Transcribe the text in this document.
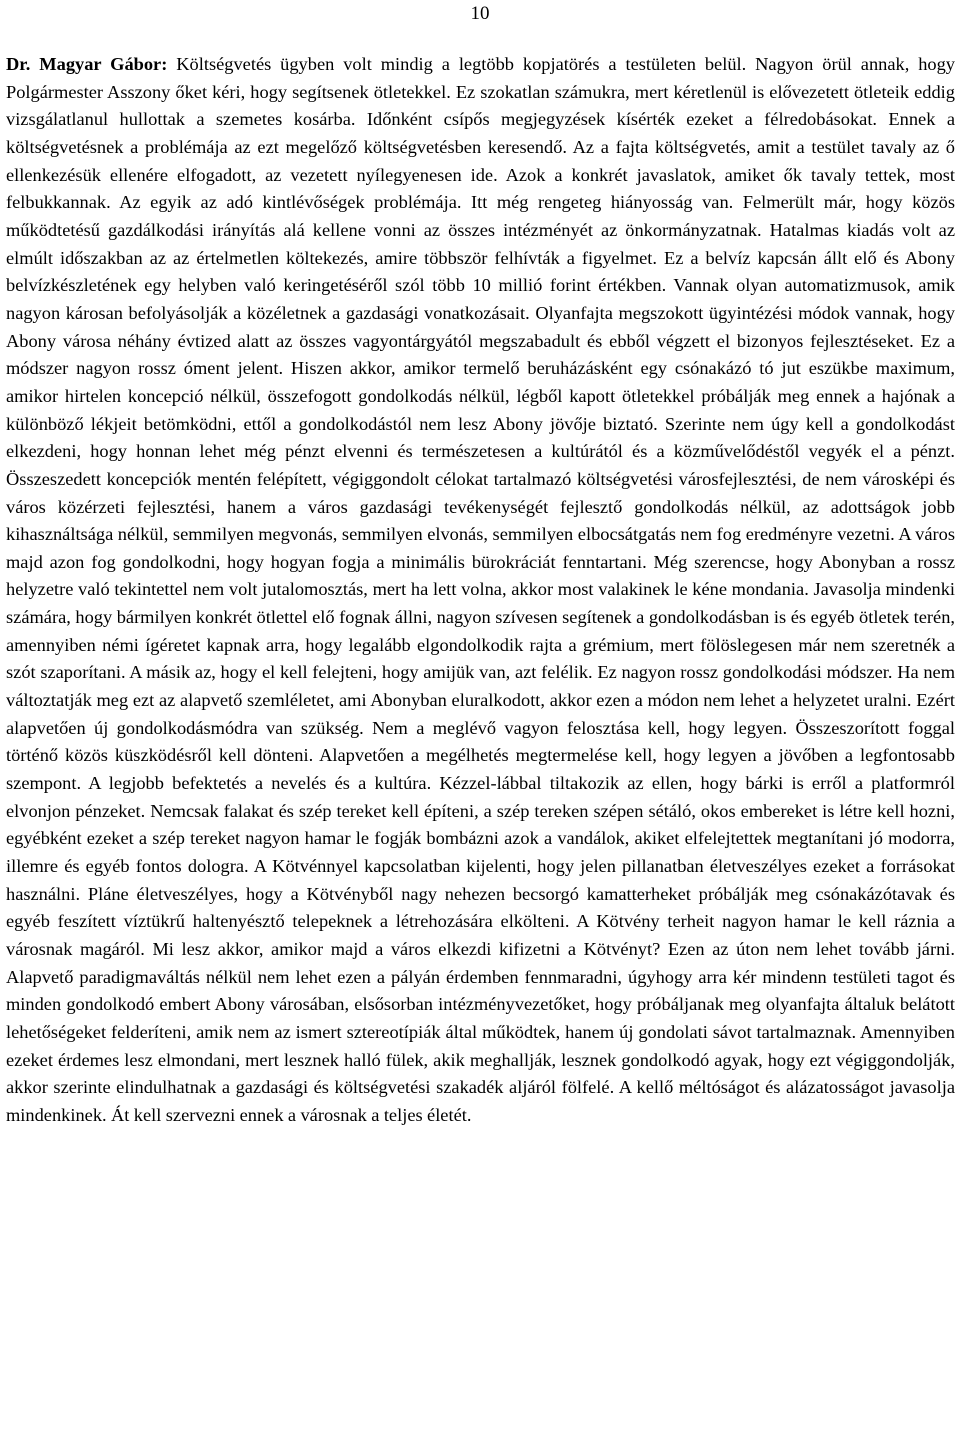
10

Dr. Magyar Gábor: Költségvetés ügyben volt mindig a legtöbb kopjatörés a testületen belül. Nagyon örül annak, hogy Polgármester Asszony őket kéri, hogy segítsenek ötletekkel. Ez szokatlan számukra, mert kéretlenül is elővezetett ötleteik eddig vizsgálatlanul hullottak a szemetes kosárba. Időnként csípős megjegyzések kísérték ezeket a félredobásokat. Ennek a költségvetésnek a problémája az ezt megelőző költségvetésben keresendő. Az a fajta költségvetés, amit a testület tavaly az ő ellenkezésük ellenére elfogadott, az vezetett nyílegyenesen ide. Azok a konkrét javaslatok, amiket ők tavaly tettek, most felbukkannak. Az egyik az adó kintlévőségek problémája. Itt még rengeteg hiányosság van. Felmerült már, hogy közös működtetésű gazdálkodási irányítás alá kellene vonni az összes intézményét az önkormányzatnak. Hatalmas kiadás volt az elmúlt időszakban az az értelmetlen költekezés, amire többször felhívták a figyelmet. Ez a belvíz kapcsán állt elő és Abony belvízkészletének egy helyben való keringetéséről szól több 10 millió forint értékben. Vannak olyan automatizmusok, amik nagyon károsan befolyásolják a közéletnek a gazdasági vonatkozásait. Olyanfajta megszokott ügyintézési módok vannak, hogy Abony városa néhány évtized alatt az összes vagyontárgyától megszabadult és ebből végzett el bizonyos fejlesztéseket. Ez a módszer nagyon rossz óment jelent. Hiszen akkor, amikor termelő beruházásként egy csónakázó tó jut eszükbe maximum, amikor hirtelen koncepció nélkül, összefogott gondolkodás nélkül, légből kapott ötletekkel próbálják meg ennek a hajónak a különböző lékjeit betömködni, ettől a gondolkodástól nem lesz Abony jövője biztató. Szerinte nem úgy kell a gondolkodást elkezdeni, hogy honnan lehet még pénzt elvenni és természetesen a kultúrától és a közművelődéstől vegyék el a pénzt. Összeszedett koncepciók mentén felépített, végiggondolt célokat tartalmazó költségvetési városfejlesztési, de nem városképi és város közérzeti fejlesztési, hanem a város gazdasági tevékenységét fejlesztő gondolkodás nélkül, az adottságok jobb kihasználtsága nélkül, semmilyen megvonás, semmilyen elvonás, semmilyen elbocsátgatás nem fog eredményre vezetni. A város majd azon fog gondolkodni, hogy hogyan fogja a minimális bürokráciát fenntartani. Még szerencse, hogy Abonyban a rossz helyzetre való tekintettel nem volt jutalomosztás, mert ha lett volna, akkor most valakinek le kéne mondania. Javasolja mindenki számára, hogy bármilyen konkrét ötlettel elő fognak állni, nagyon szívesen segítenek a gondolkodásban is és egyéb ötletek terén, amennyiben némi ígéretet kapnak arra, hogy legalább elgondolkodik rajta a grémium, mert fölöslegesen már nem szeretnék a szót szaporítani. A másik az, hogy el kell felejteni, hogy amijük van, azt felélik. Ez nagyon rossz gondolkodási módszer. Ha nem változtatják meg ezt az alapvető szemléletet, ami Abonyban eluralkodott, akkor ezen a módon nem lehet a helyzetet uralni. Ezért alapvetően új gondolkodásmódra van szükség. Nem a meglévő vagyon felosztása kell, hogy legyen. Összeszorított foggal történő közös küszködésről kell dönteni. Alapvetően a megélhetés megtermelése kell, hogy legyen a jövőben a legfontosabb szempont. A legjobb befektetés a nevelés és a kultúra. Kézzel-lábbal tiltakozik az ellen, hogy bárki is erről a platformról elvonjon pénzeket. Nemcsak falakat és szép tereket kell építeni, a szép tereken szépen sétáló, okos embereket is létre kell hozni, egyébként ezeket a szép tereket nagyon hamar le fogják bombázni azok a vandálok, akiket elfelejtettek megtanítani jó modorra, illemre és egyéb fontos dologra. A Kötvénnyel kapcsolatban kijelenti, hogy jelen pillanatban életveszélyes ezeket a forrásokat használni. Pláne életveszélyes, hogy a Kötvényből nagy nehezen becsorgó kamatterheket próbálják meg csónakázótavak és egyéb feszített víztükrű haltenyésztő telepeknek a létrehozására elkölteni. A Kötvény terheit nagyon hamar le kell ráznia a városnak magáról. Mi lesz akkor, amikor majd a város elkezdi kifizetni a Kötvényt? Ezen az úton nem lehet tovább járni. Alapvető paradigmaváltás nélkül nem lehet ezen a pályán érdemben fennmaradni, úgyhogy arra kér mindenn testületi tagot és minden gondolkodó embert Abony városában, elsősorban intézményvezetőket, hogy próbáljanak meg olyanfajta általuk belátott lehetőségeket felderíteni, amik nem az ismert sztereotípiák által működtek, hanem új gondolati sávot tartalmaznak. Amennyiben ezeket érdemes lesz elmondani, mert lesznek halló fülek, akik meghallják, lesznek gondolkodó agyak, hogy ezt végiggondolják, akkor szerinte elindulhatnak a gazdasági és költségvetési szakadék aljáról fölfelé. A kellő méltóságot és alázatosságot javasolja mindenkinek. Át kell szervezni ennek a városnak a teljes életét.
